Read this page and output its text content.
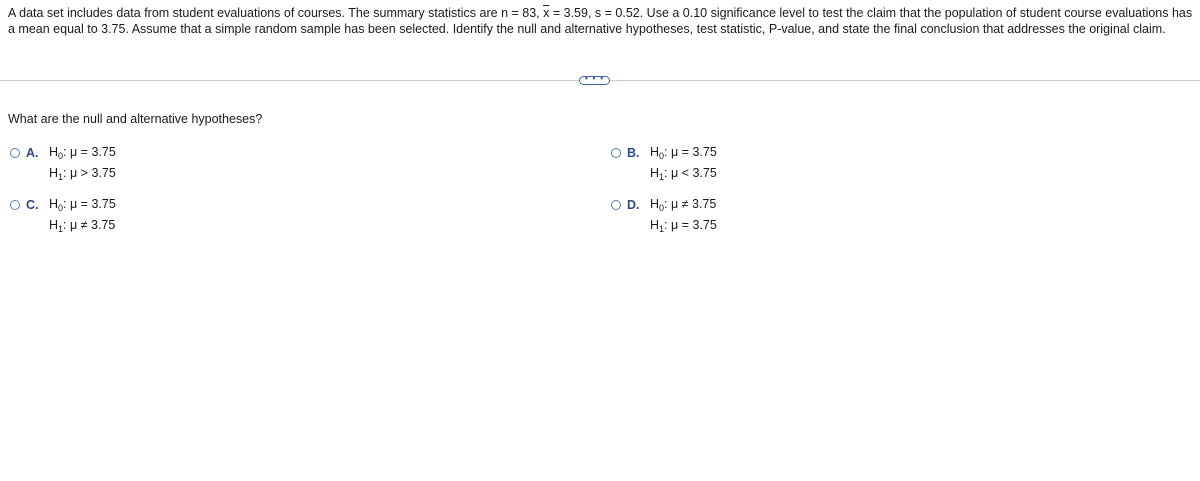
A data set includes data from student evaluations of courses. The summary statistics are n = 83, $\overline{x} = 3.59$, s = 0.52. Use a 0.10 significance level to test the claim that the population of student course evaluations has a mean equal to 3.75. Assume that a simple random sample has been selected. Identify the null and alternative hypotheses, test statistic, P-value, and state the final conclusion that addresses the original claim.
• • •
What are the null and alternative hypotheses?
A. $H_0$: μ = 3.75
$H_1$: μ > 3.75
B. $H_0$: μ = 3.75
$H_1$: μ < 3.75
C. $H_0$: μ = 3.75
$H_1$: μ ≠ 3.75
D. $H_0$: μ ≠ 3.75
$H_1$: μ = 3.75
